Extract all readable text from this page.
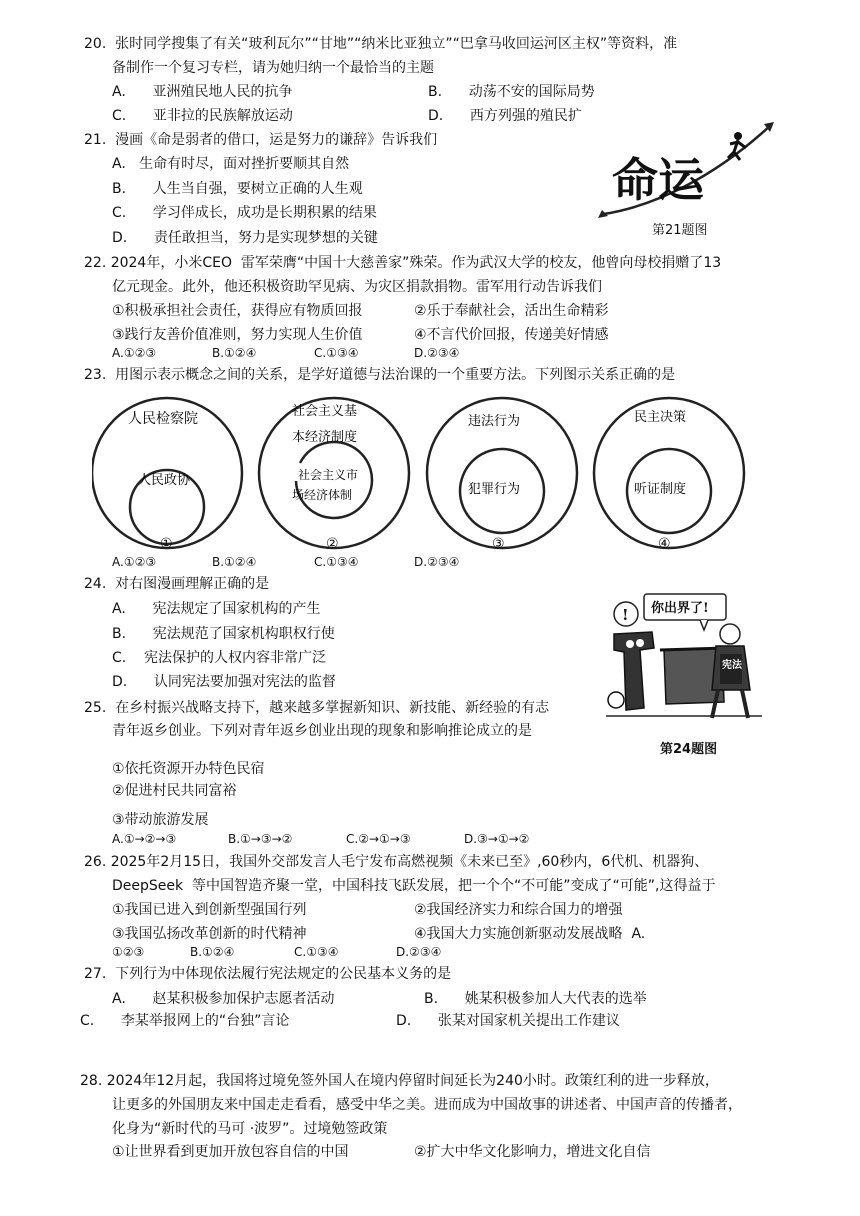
20.  张时同学搜集了有关“玻利瓦尔”“甘地”“纳米比亚独立”“巴拿马收回运河区主权”等资料，准
备制作一个复习专栏，请为她归纳一个最恰当的主题
A.      亚洲殖民地人民的抗争	B.      动荡不安的国际局势
C.      亚非拉的民族解放运动	D.      西方列强的殖民扩
21.  漫画《命是弱者的借口，运是努力的谦辞》告诉我们
A.   生命有时尽，面对挫折要顺其自然
B.      人生当自强，要树立正确的人生观
C.      学习伴成长，成功是长期积累的结果
D.      责任敢担当，努力是实现梦想的关键
命运
第21题图
22. 2024年，小米CEO  雷军荣膺“中国十大慈善家”殊荣。作为武汉大学的校友，他曾向母校捐赠了13
亿元现金。此外，他还积极资助罕见病、为灾区捐款捐物。雷军用行动告诉我们
①积极承担社会责任，获得应有物质回报	②乐于奉献社会，活出生命精彩
③践行友善价值准则，努力实现人生价值	④不言代价回报，传递美好情感
A.①②③	B.①②④	C.①③④	D.②③④
23.  用图示表示概念之间的关系，是学好道德与法治课的一个重要方法。下列图示关系正确的是
人民检察院
人民政协
社会主义基
本经济制度
社会主义市
场经济体制
违法行为
犯罪行为
民主决策
听证制度
①	②	③	④
A.①②③	B.①②④	C.①③④	D.②③④
24.  对右图漫画理解正确的是
A.      宪法规定了国家机构的产生
B.      宪法规范了国家机构职权行使
C.    宪法保护的人权内容非常广泛
D.      认同宪法要加强对宪法的监督
你出界了!
!
宪法
第24题图
25.  在乡村振兴战略支持下，越来越多掌握新知识、新技能、新经验的有志
青年返乡创业。下列对青年返乡创业出现的现象和影响推论成立的是
①依托资源开办特色民宿
②促进村民共同富裕
③带动旅游发展
A.①→②→③	B.①→③→②	C.②→①→③	D.③→①→②
26. 2025年2月15日，我国外交部发言人毛宁发布高燃视频《未来已至》,60秒内，6代机、机器狗、
DeepSeek  等中国智造齐聚一堂，中国科技飞跃发展，把一个个“不可能”变成了“可能”,这得益于
①我国已进入到创新型强国行列	②我国经济实力和综合国力的增强
③我国弘扬改革创新的时代精神	④我国大力实施创新驱动发展战略  A.
①②③	B.①②④	C.①③④	D.②③④
27.  下列行为中体现依法履行宪法规定的公民基本义务的是
A.      赵某积极参加保护志愿者活动	B.      姚某积极参加人大代表的选举
C.      李某举报网上的“台独”言论	D.      张某对国家机关提出工作建议
28. 2024年12月起，我国将过境免签外国人在境内停留时间延长为240小时。政策红利的进一步释放，
让更多的外国朋友来中国走走看看，感受中华之美。进而成为中国故事的讲述者、中国声音的传播者，
化身为“新时代的马可 ·波罗”。过境勉签政策
①让世界看到更加开放包容自信的中国	②扩大中华文化影响力，增进文化自信
